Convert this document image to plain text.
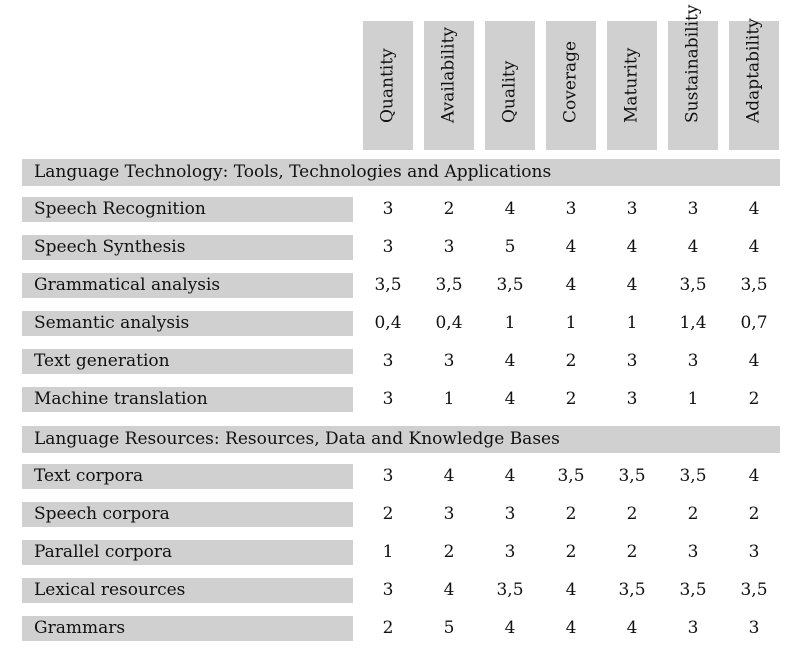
Quantity Availability Quality Coverage Maturity Sustainability Adaptability
Language Technology: Tools, Technologies and Applications
Speech Recognition	3	2	4	3	3	3	4
Speech Synthesis	3	3	5	4	4	4	4
Grammatical analysis	3,5	3,5	3,5	4	4	3,5	3,5
Semantic analysis	0,4	0,4	1	1	1	1,4	0,7
Text generation	3	3	4	2	3	3	4
Machine translation	3	1	4	2	3	1	2
Language Resources: Resources, Data and Knowledge Bases
Text corpora	3	4	4	3,5	3,5	3,5	4
Speech corpora	2	3	3	2	2	2	2
Parallel corpora	1	2	3	2	2	3	3
Lexical resources	3	4	3,5	4	3,5	3,5	3,5
Grammars	2	5	4	4	4	3	3
